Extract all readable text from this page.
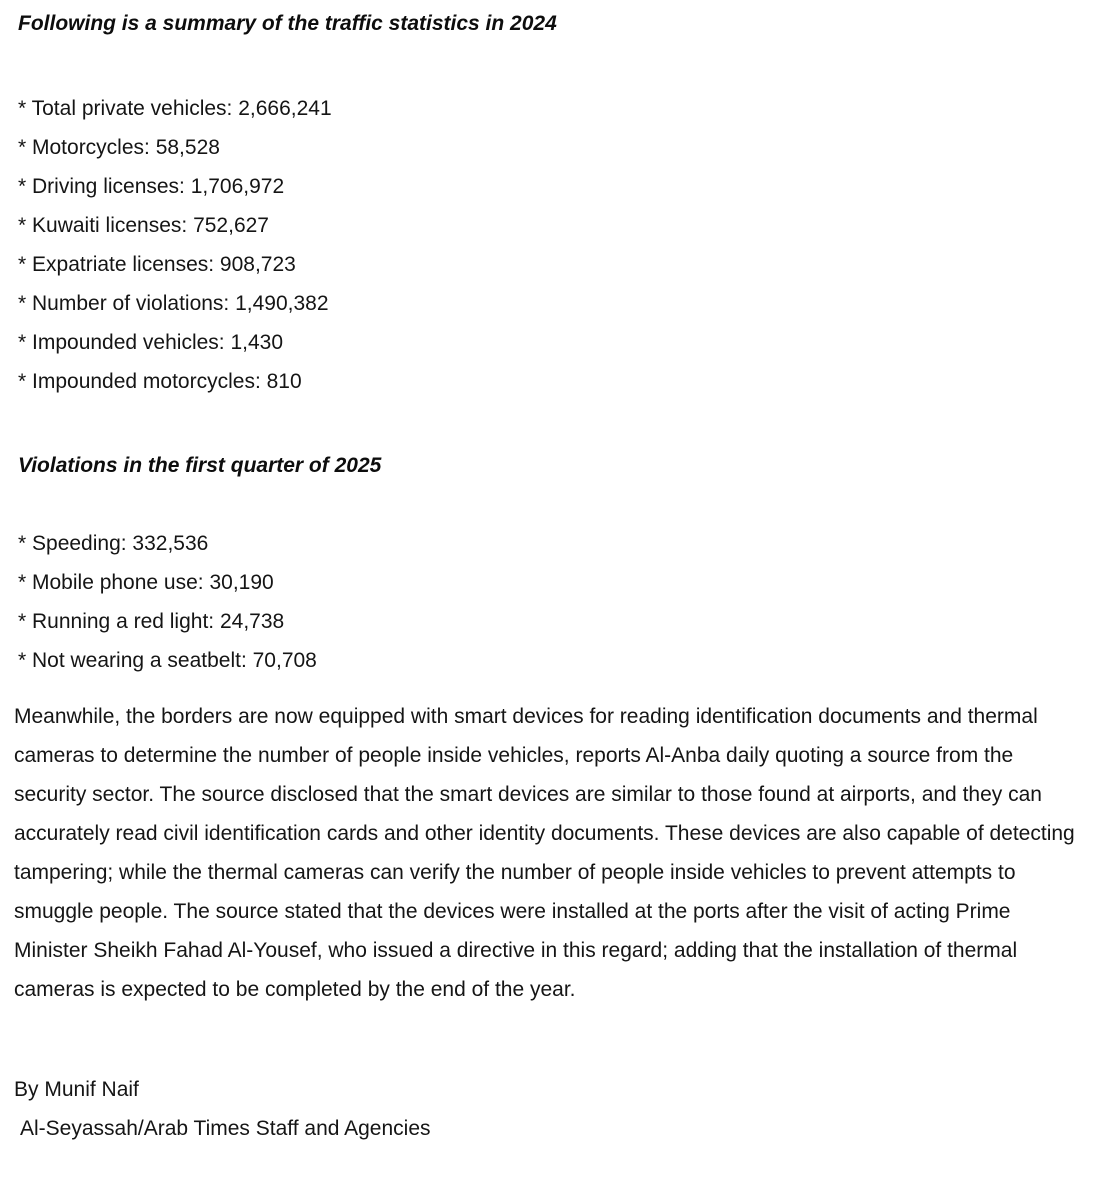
Following is a summary of the traffic statistics in 2024
* Total private vehicles: 2,666,241
* Motorcycles: 58,528
* Driving licenses: 1,706,972
* Kuwaiti licenses: 752,627
* Expatriate licenses: 908,723
* Number of violations: 1,490,382
* Impounded vehicles: 1,430
* Impounded motorcycles: 810
Violations in the first quarter of 2025
* Speeding: 332,536
* Mobile phone use: 30,190
* Running a red light: 24,738
* Not wearing a seatbelt: 70,708

Meanwhile, the borders are now equipped with smart devices for reading identification documents and thermal cameras to determine the number of people inside vehicles, reports Al-Anba daily quoting a source from the security sector. The source disclosed that the smart devices are similar to those found at airports, and they can accurately read civil identification cards and other identity documents. These devices are also capable of detecting tampering; while the thermal cameras can verify the number of people inside vehicles to prevent attempts to smuggle people. The source stated that the devices were installed at the ports after the visit of acting Prime Minister Sheikh Fahad Al-Yousef, who issued a directive in this regard; adding that the installation of thermal cameras is expected to be completed by the end of the year.

By Munif Naif
Al-Seyassah/Arab Times Staff and Agencies
